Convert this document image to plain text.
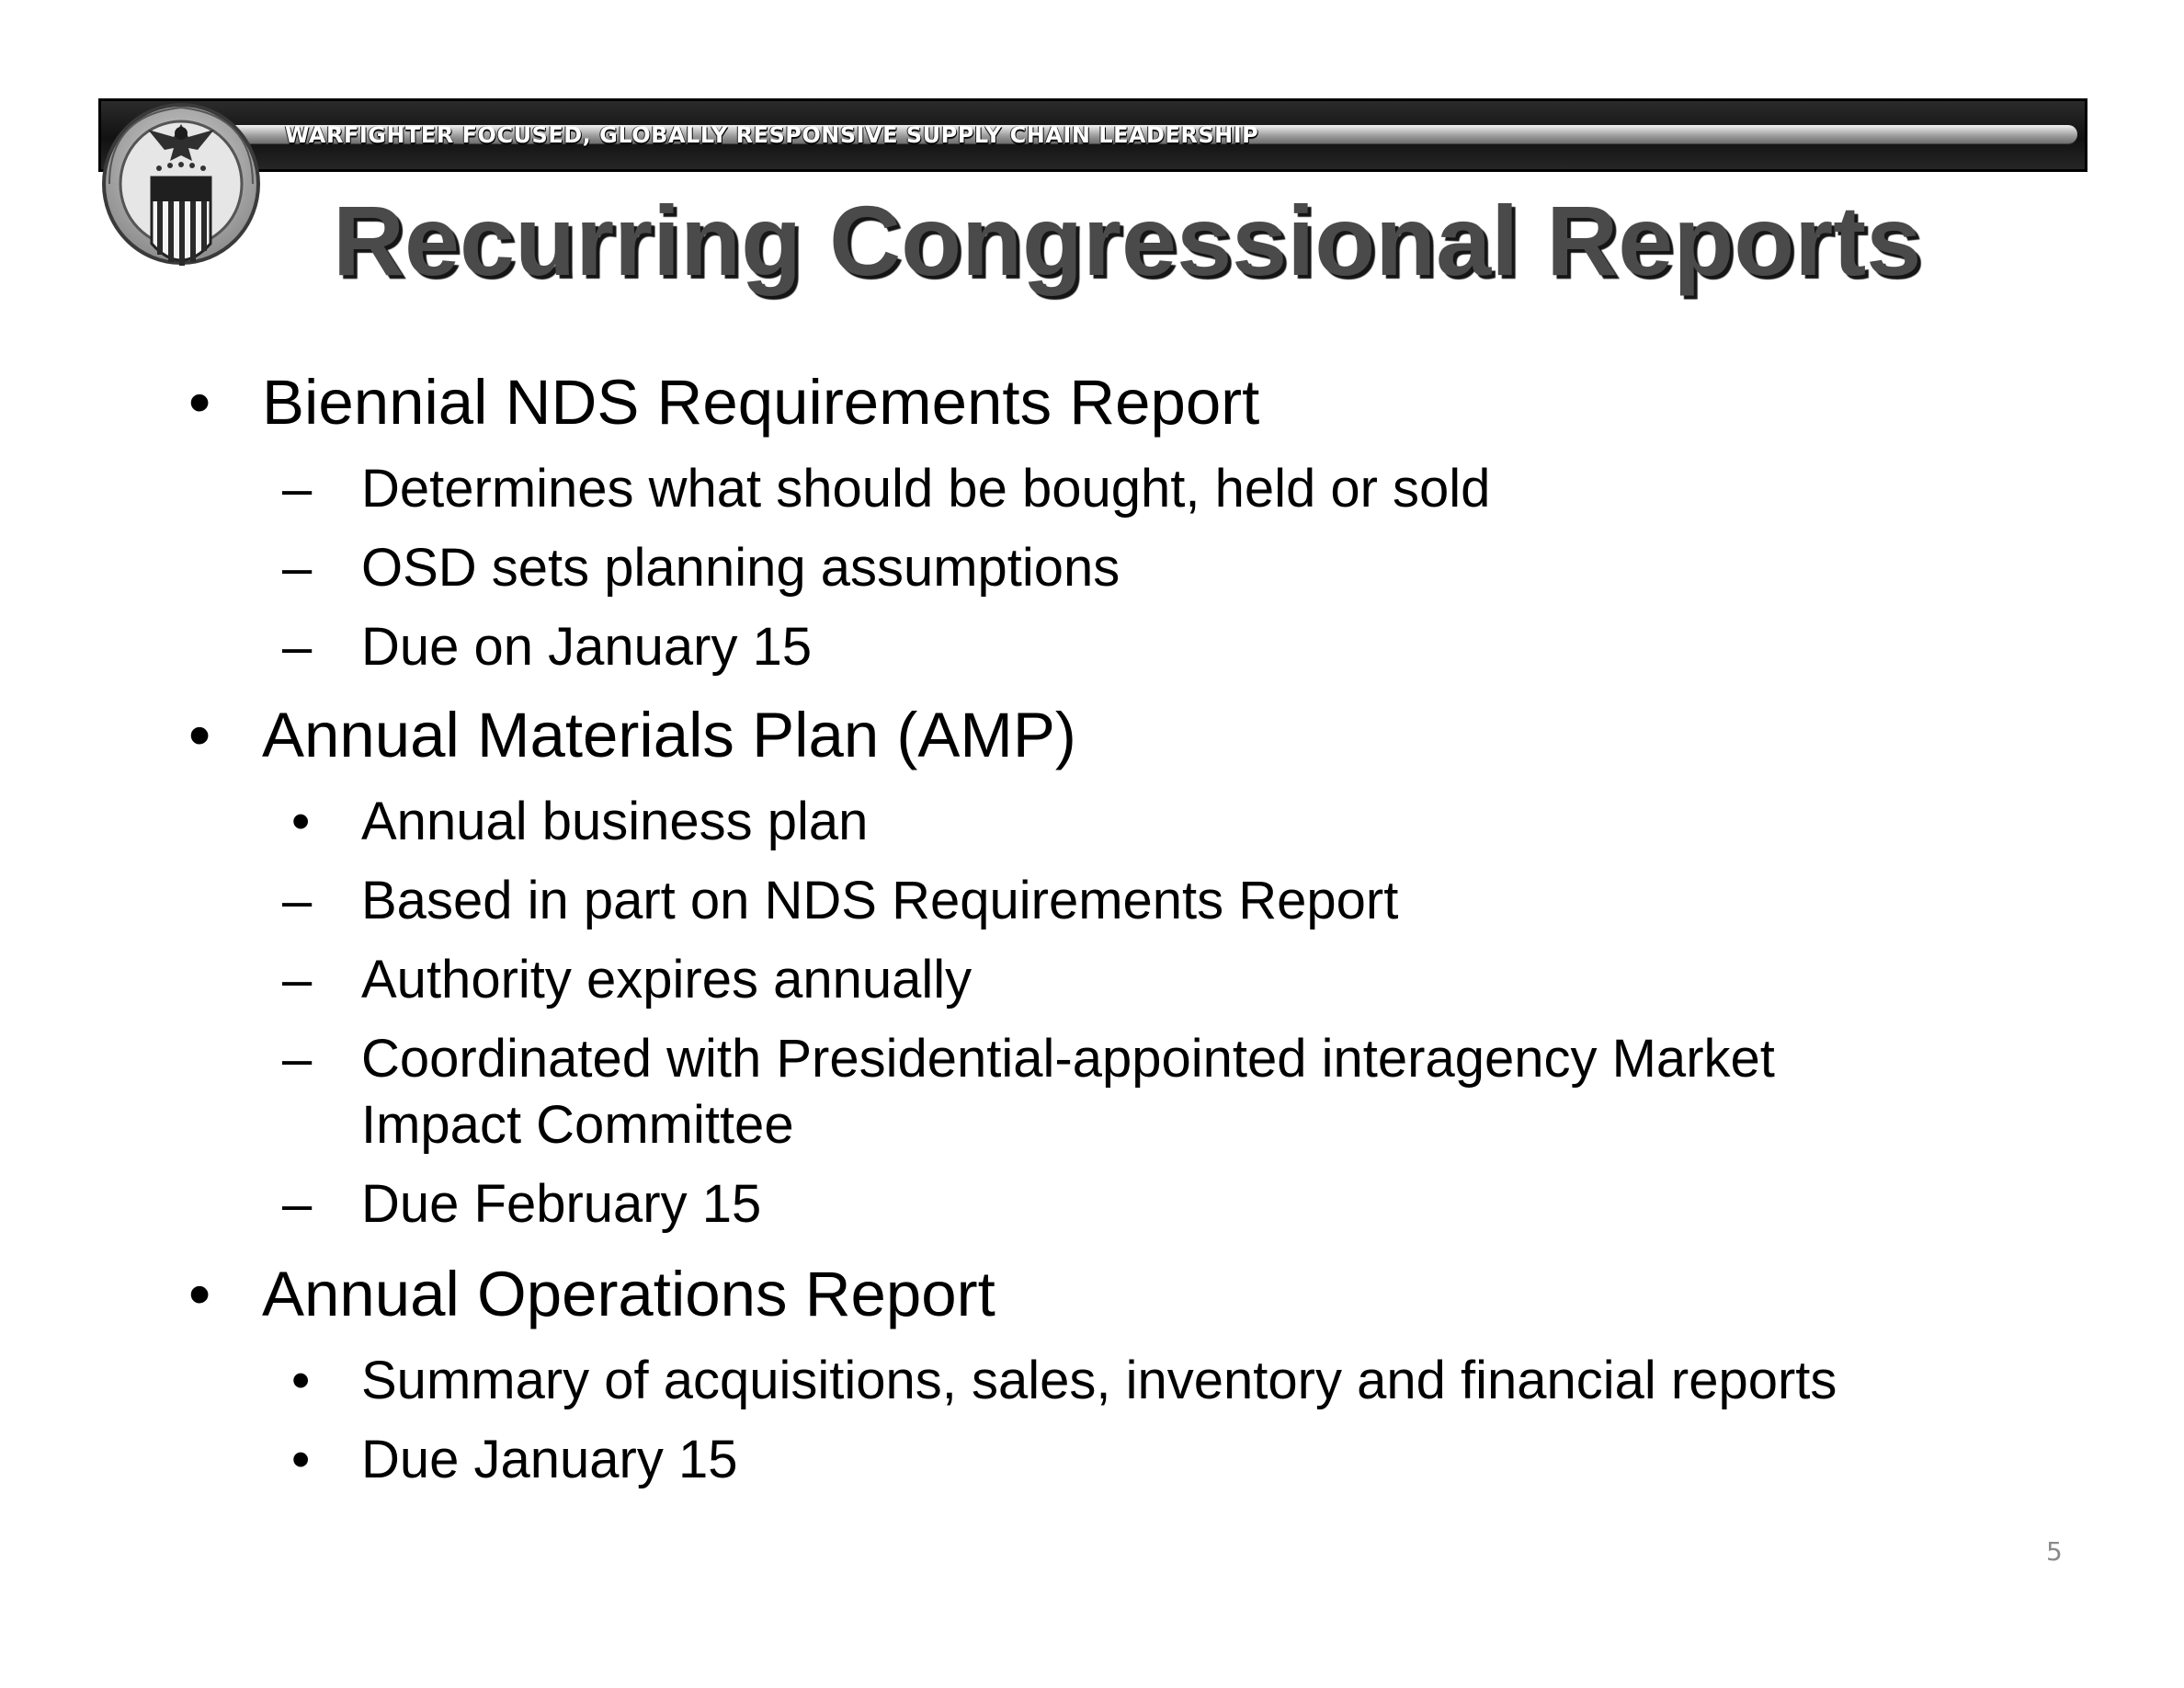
WARFIGHTER FOCUSED, GLOBALLY RESPONSIVE SUPPLY CHAIN LEADERSHIP
Recurring Congressional Reports
• Biennial NDS Requirements Report
– Determines what should be bought, held or sold
– OSD sets planning assumptions
– Due on January 15
• Annual Materials Plan (AMP)
• Annual business plan
– Based in part on NDS Requirements Report
– Authority expires annually
– Coordinated with Presidential-appointed interagency Market
Impact Committee
– Due February 15
• Annual Operations Report
• Summary of acquisitions, sales, inventory and financial reports
• Due January 15
5
